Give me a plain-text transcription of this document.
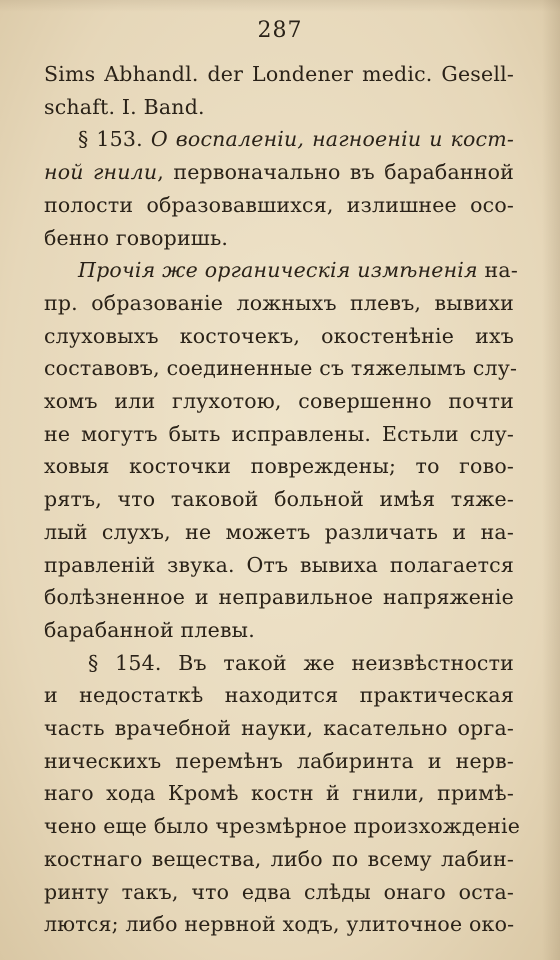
287
Sims Abhandl. der Londener medic. Gesell-
schaft. I. Band.
§ 153. О воспаленіи, нагноеніи и кост-
ной гнили, первоначально въ барабанной
полости образовавшихся, излишнее осо-
бенно говоришь.
Прочія же органическія измѣненія на-
пр. образованіе ложныхъ плевъ, вывихи
слуховыхъ косточекъ, окостенѣніе ихъ
составовъ, соединенные съ тяжелымъ слу-
хомъ или глухотою, совершенно почти
не могутъ быть исправлены. Естьли слу-
ховыя косточки повреждены; то гово-
рятъ, что таковой больной имѣя тяже-
лый слухъ, не можетъ различать и на-
правленій звука. Отъ вывиха полагается
болѣзненное и неправильное напряженіе
барабанной плевы.
§ 154. Въ такой же неизвѣстности
и недостаткѣ находится практическая
часть врачебной науки, касательно орга-
ническихъ перемѣнъ лабиринта и нерв-
наго хода Кромѣ костн й гнили, примѣ-
чено еще было чрезмѣрное произхожденіе
костнаго вещества, либо по всему лабин-
ринту такъ, что едва слѣды онаго оста-
лются; либо нервной ходъ, улиточное око-
